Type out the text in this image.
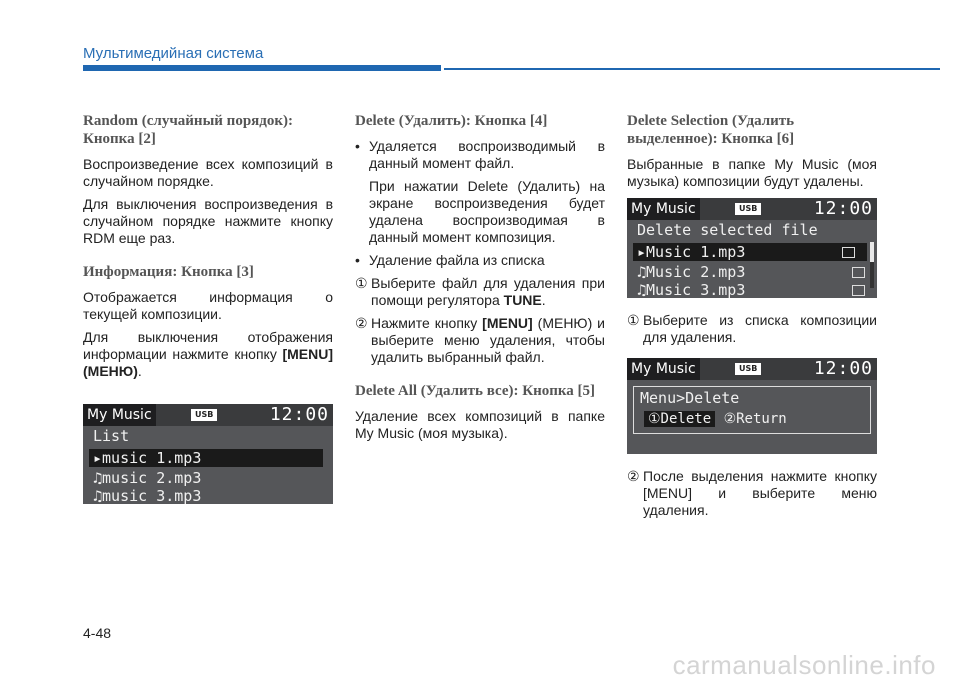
Мультимедийная система
Random (случайный порядок): Кнопка [2]

Воспроизведение всех композиций в случайном порядке.

Для выключения воспроизведения в случайном порядке нажмите кнопку RDM еще раз.

Информация: Кнопка [3]

Отображается информация о текущей композиции.

Для выключения отображения информации нажмите кнопку [MENU] (МЕНЮ).

My Music	USB	12:00
List
▸music 1.mp3
♫music 2.mp3
♫music 3.mp3
Delete (Удалить): Кнопка [4]

• Удаляется воспроизводимый в данный момент файл.

При нажатии Delete (Удалить) на экране воспроизведения будет удалена воспроизводимая в данный момент композиция.

• Удаление файла из списка

① Выберите файл для удаления при помощи регулятора TUNE.

② Нажмите кнопку [MENU] (МЕНЮ) и выберите меню удаления, чтобы удалить выбранный файл.

Delete All (Удалить все): Кнопка [5]

Удаление всех композиций в папке My Music (моя музыка).

Delete Selection (Удалить выделенное): Кнопка [6]

Выбранные в папке My Music (моя музыка) композиции будут удалены.

My Music	USB	12:00
Delete selected file
▸Music 1.mp3
♫Music 2.mp3
♫Music 3.mp3

① Выберите из списка композиции для удаления.

My Music	USB	12:00
Menu>Delete
①Delete ②Return

② После выделения нажмите кнопку [MENU] и выберите меню удаления.

4-48
carmanualsonline.info
